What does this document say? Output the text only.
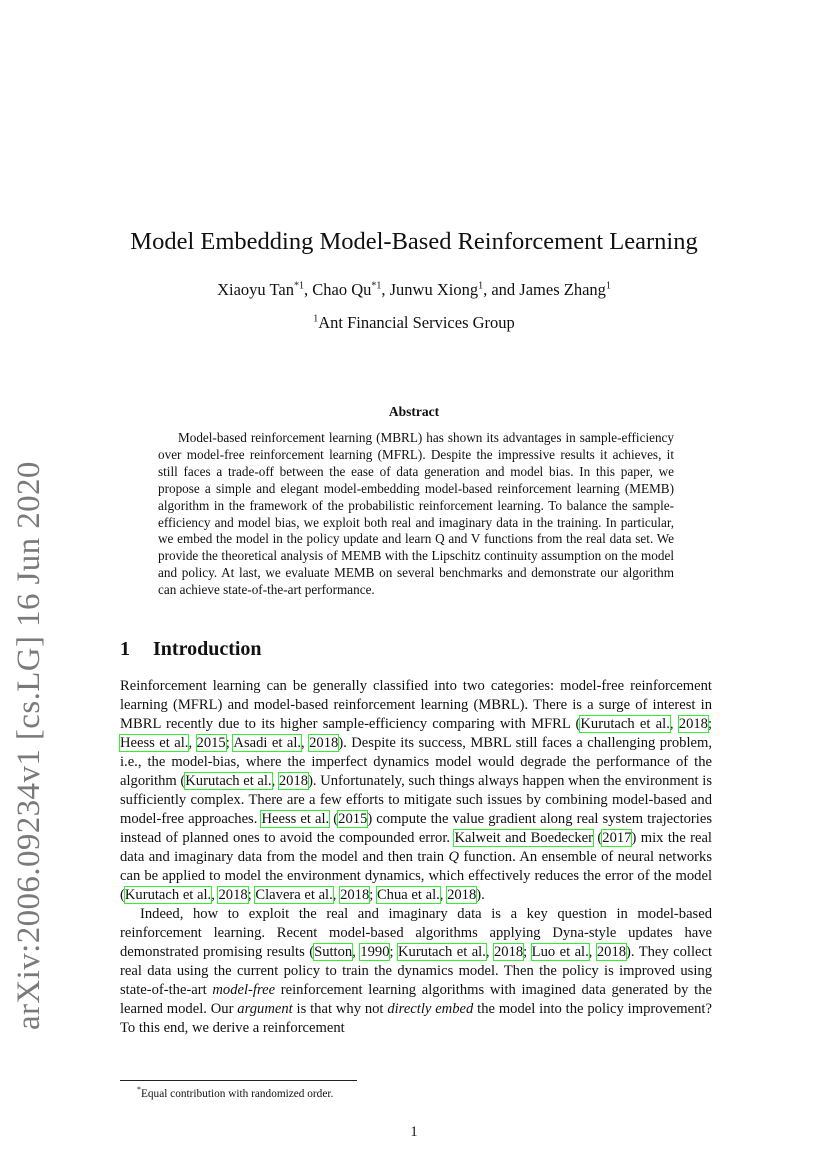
arXiv:2006.09234v1 [cs.LG] 16 Jun 2020
Model Embedding Model-Based Reinforcement Learning
Xiaoyu Tan$^{*1}$, Chao Qu$^{*1}$, Junwu Xiong$^1$, and James Zhang$^1$
$^1$Ant Financial Services Group
Abstract
Model-based reinforcement learning (MBRL) has shown its advantages in sample-efficiency over model-free reinforcement learning (MFRL). Despite the impressive results it achieves, it still faces a trade-off between the ease of data generation and model bias. In this paper, we propose a simple and elegant model-embedding model-based reinforcement learning (MEMB) algorithm in the framework of the probabilistic reinforcement learning. To balance the sample-efficiency and model bias, we exploit both real and imaginary data in the training. In particular, we embed the model in the policy update and learn Q and V functions from the real data set. We provide the theoretical analysis of MEMB with the Lipschitz continuity assumption on the model and policy. At last, we evaluate MEMB on several benchmarks and demonstrate our algorithm can achieve state-of-the-art performance.
1 Introduction

Reinforcement learning can be generally classified into two categories: model-free reinforcement learning (MFRL) and model-based reinforcement learning (MBRL). There is a surge of interest in MBRL recently due to its higher sample-efficiency comparing with MFRL (Kurutach et al., 2018; Heess et al., 2015; Asadi et al., 2018). Despite its success, MBRL still faces a challenging problem, i.e., the model-bias, where the imperfect dynamics model would degrade the performance of the algorithm (Kurutach et al., 2018). Unfortunately, such things always happen when the environment is sufficiently complex. There are a few efforts to mitigate such issues by combining model-based and model-free approaches. Heess et al. (2015) compute the value gradient along real system trajectories instead of planned ones to avoid the compounded error. Kalweit and Boedecker (2017) mix the real data and imaginary data from the model and then train Q function. An ensemble of neural networks can be applied to model the environment dynamics, which effectively reduces the error of the model (Kurutach et al., 2018; Clavera et al., 2018; Chua et al., 2018).

Indeed, how to exploit the real and imaginary data is a key question in model-based reinforcement learning. Recent model-based algorithms applying Dyna-style updates have demonstrated promising results (Sutton, 1990; Kurutach et al., 2018; Luo et al., 2018). They collect real data using the current policy to train the dynamics model. Then the policy is improved using state-of-the-art model-free reinforcement learning algorithms with imagined data generated by the learned model. Our argument is that why not directly embed the model into the policy improvement? To this end, we derive a reinforcement

*Equal contribution with randomized order.
1
